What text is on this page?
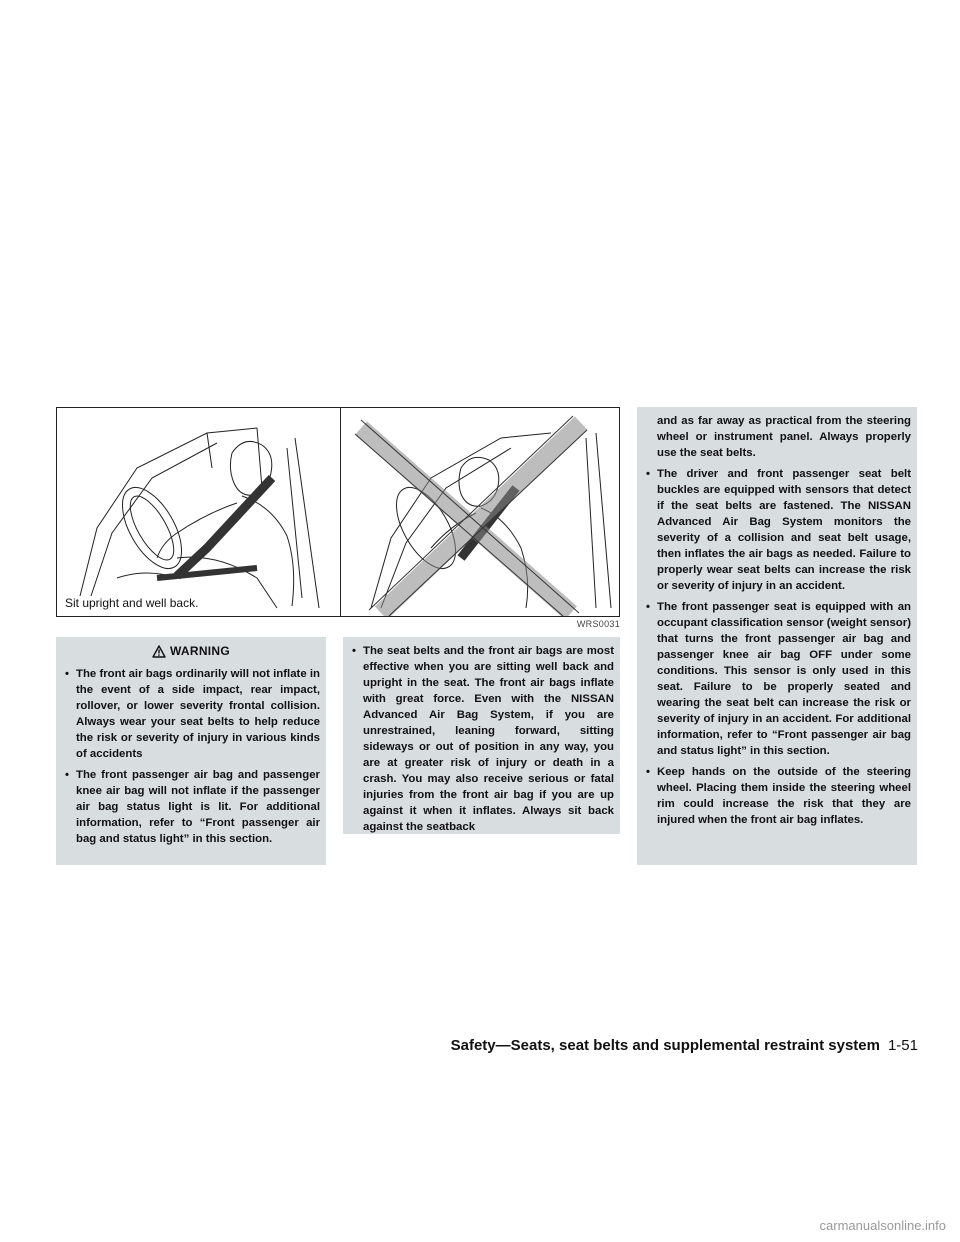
Sit upright and well back.
WRS0031
WARNING
• The front air bags ordinarily will not inflate in the event of a side impact, rear impact, rollover, or lower severity frontal collision. Always wear your seat belts to help reduce the risk or severity of injury in various kinds of accidents
• The front passenger air bag and passenger knee air bag will not inflate if the passenger air bag status light is lit. For additional information, refer to “Front passenger air bag and status light” in this section.
• The seat belts and the front air bags are most effective when you are sitting well back and upright in the seat. The front air bags inflate with great force. Even with the NISSAN Advanced Air Bag System, if you are unrestrained, leaning forward, sitting sideways or out of position in any way, you are at greater risk of injury or death in a crash. You may also receive serious or fatal injuries from the front air bag if you are up against it when it inflates. Always sit back against the seatback
and as far away as practical from the steering wheel or instrument panel. Always properly use the seat belts.
• The driver and front passenger seat belt buckles are equipped with sensors that detect if the seat belts are fastened. The NISSAN Advanced Air Bag System monitors the severity of a collision and seat belt usage, then inflates the air bags as needed. Failure to properly wear seat belts can increase the risk or severity of injury in an accident.
• The front passenger seat is equipped with an occupant classification sensor (weight sensor) that turns the front passenger air bag and passenger knee air bag OFF under some conditions. This sensor is only used in this seat. Failure to be properly seated and wearing the seat belt can increase the risk or severity of injury in an accident. For additional information, refer to “Front passenger air bag and status light” in this section.
• Keep hands on the outside of the steering wheel. Placing them inside the steering wheel rim could increase the risk that they are injured when the front air bag inflates.
Safety—Seats, seat belts and supplemental restraint system 1-51
carmanualsonline.info
